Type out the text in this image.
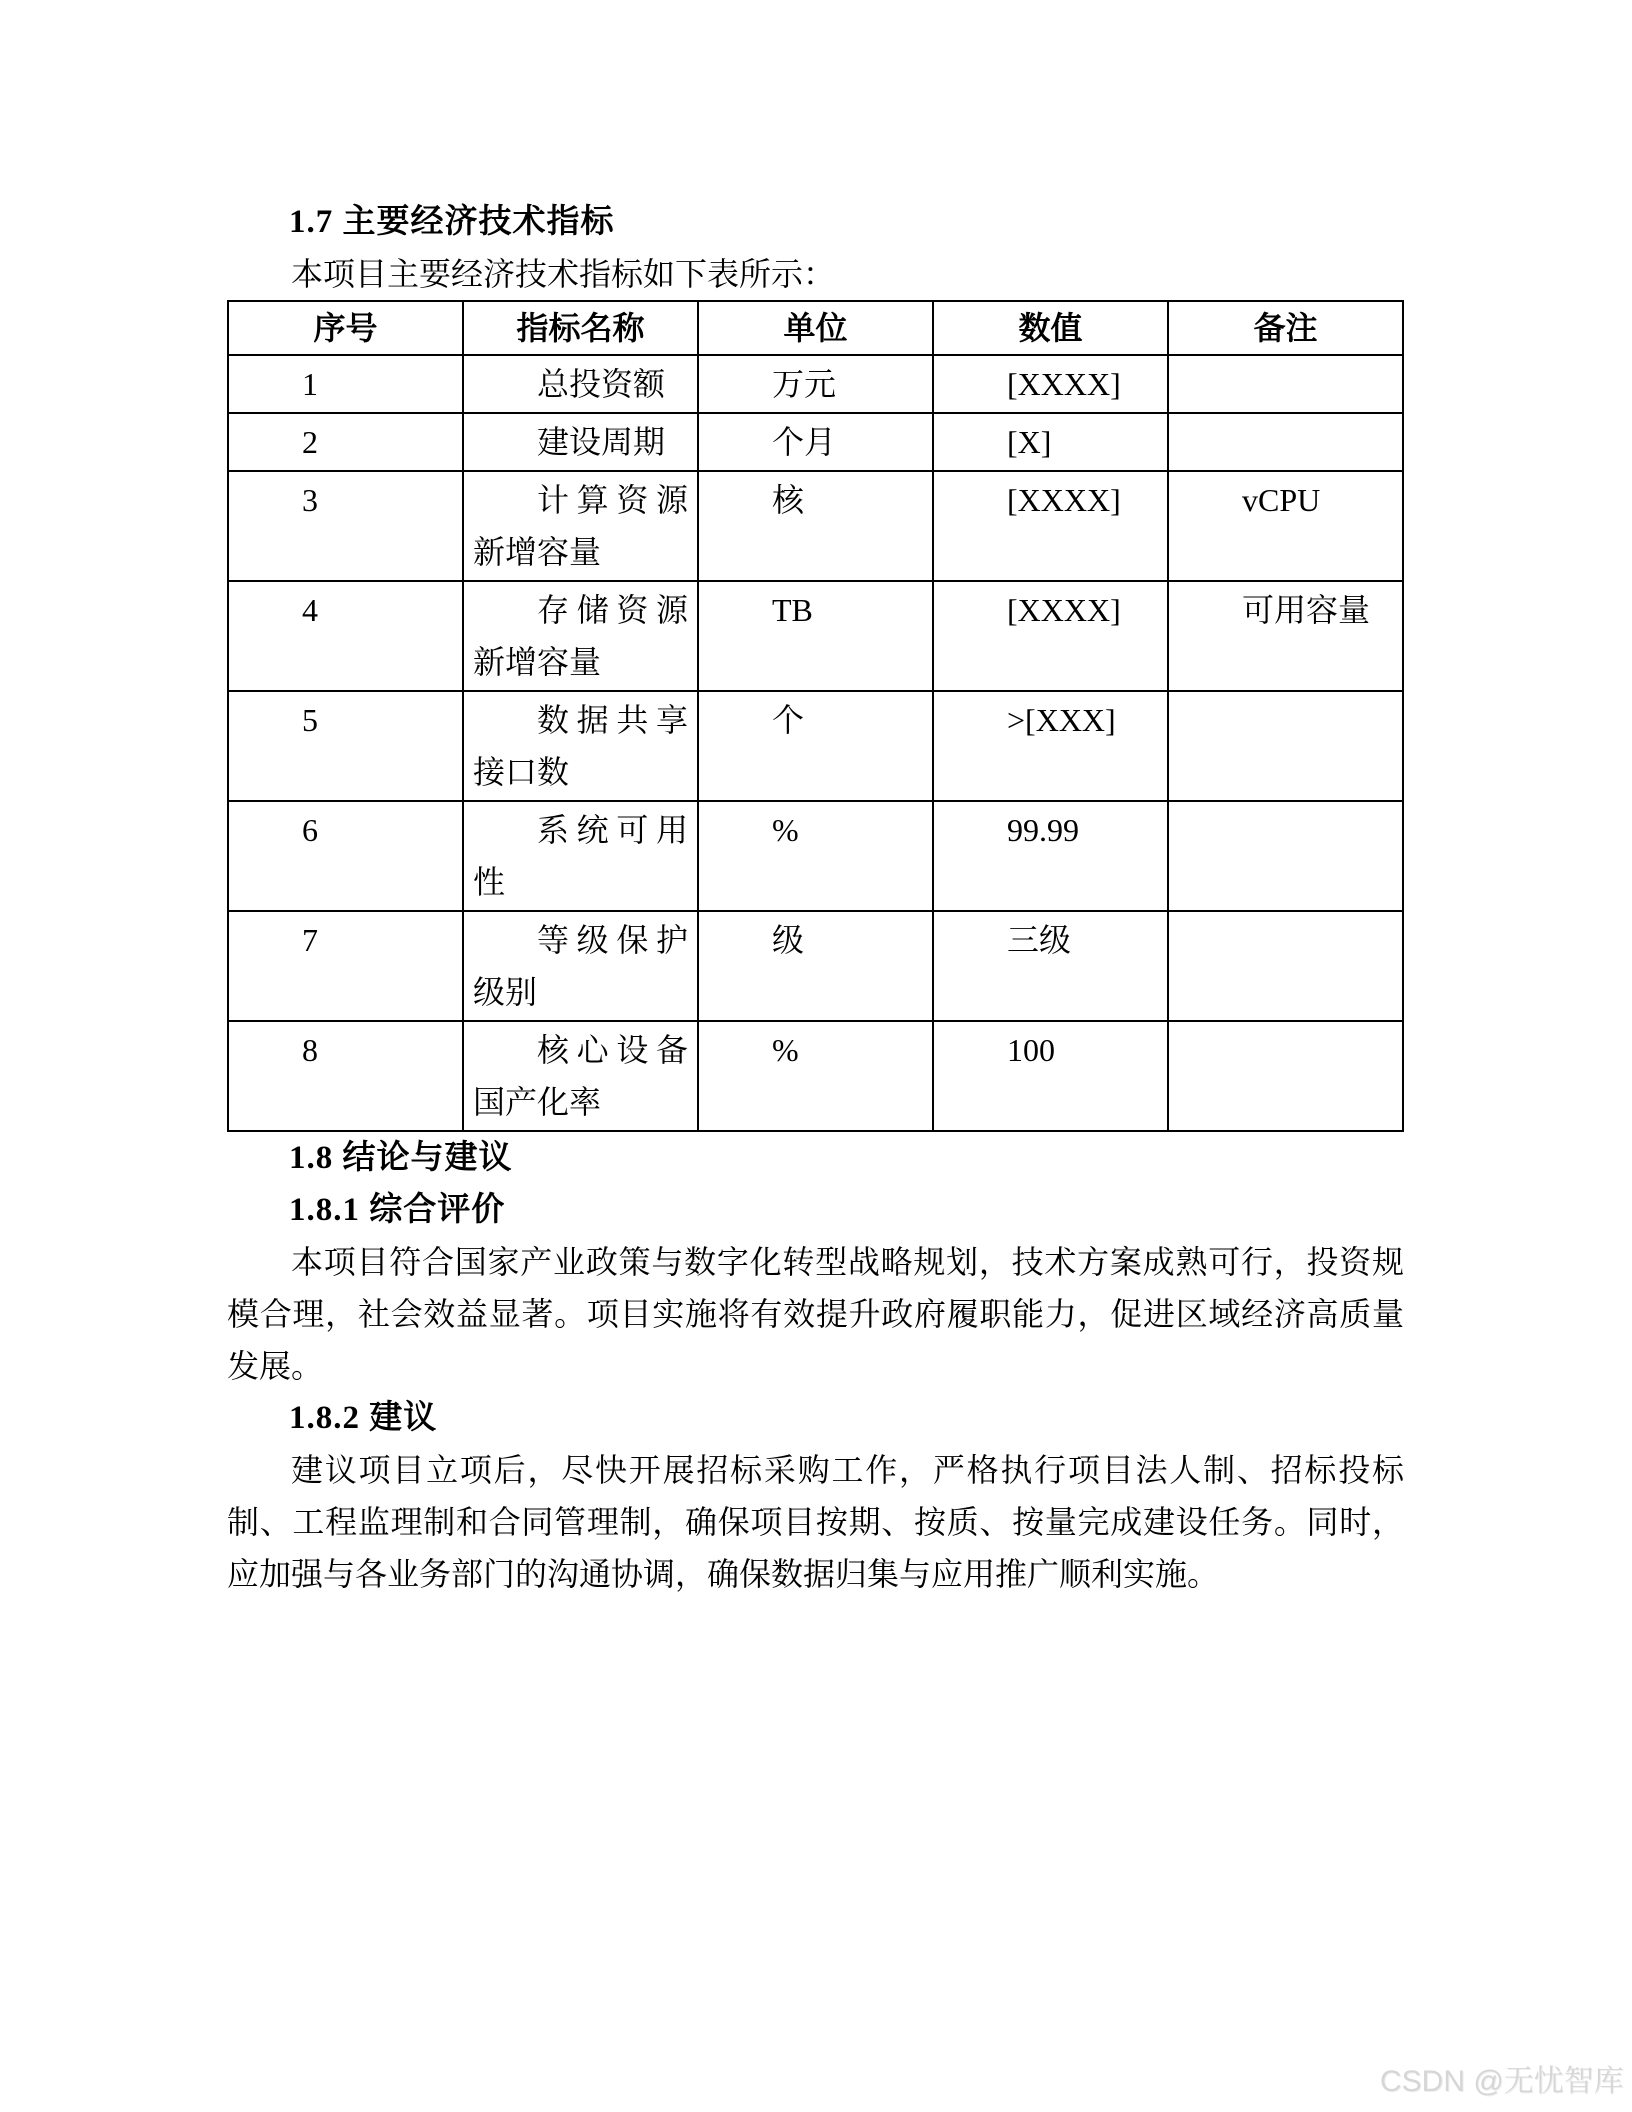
1.7 主要经济技术指标

本项目主要经济技术指标如下表所示：

序号	指标名称	单位	数值	备注
1	总投资额	万元	[XXXX]	
2	建设周期	个月	[X]	
3	计算资源新增容量	核	[XXXX]	vCPU
4	存储资源新增容量	TB	[XXXX]	可用容量
5	数据共享接口数	个	>[XXX]	
6	系统可用性	%	99.99	
7	等级保护级别	级	三级	
8	核心设备国产化率	%	100	
1.8 结论与建议
1.8.1 综合评价

本项目符合国家产业政策与数字化转型战略规划，技术方案成熟可行，投资规模合理，社会效益显著。项目实施将有效提升政府履职能力，促进区域经济高质量发展。

1.8.2 建议

建议项目立项后，尽快开展招标采购工作，严格执行项目法人制、招标投标制、工程监理制和合同管理制，确保项目按期、按质、按量完成建设任务。同时，应加强与各业务部门的沟通协调，确保数据归集与应用推广顺利实施。

CSDN @无忧智库
